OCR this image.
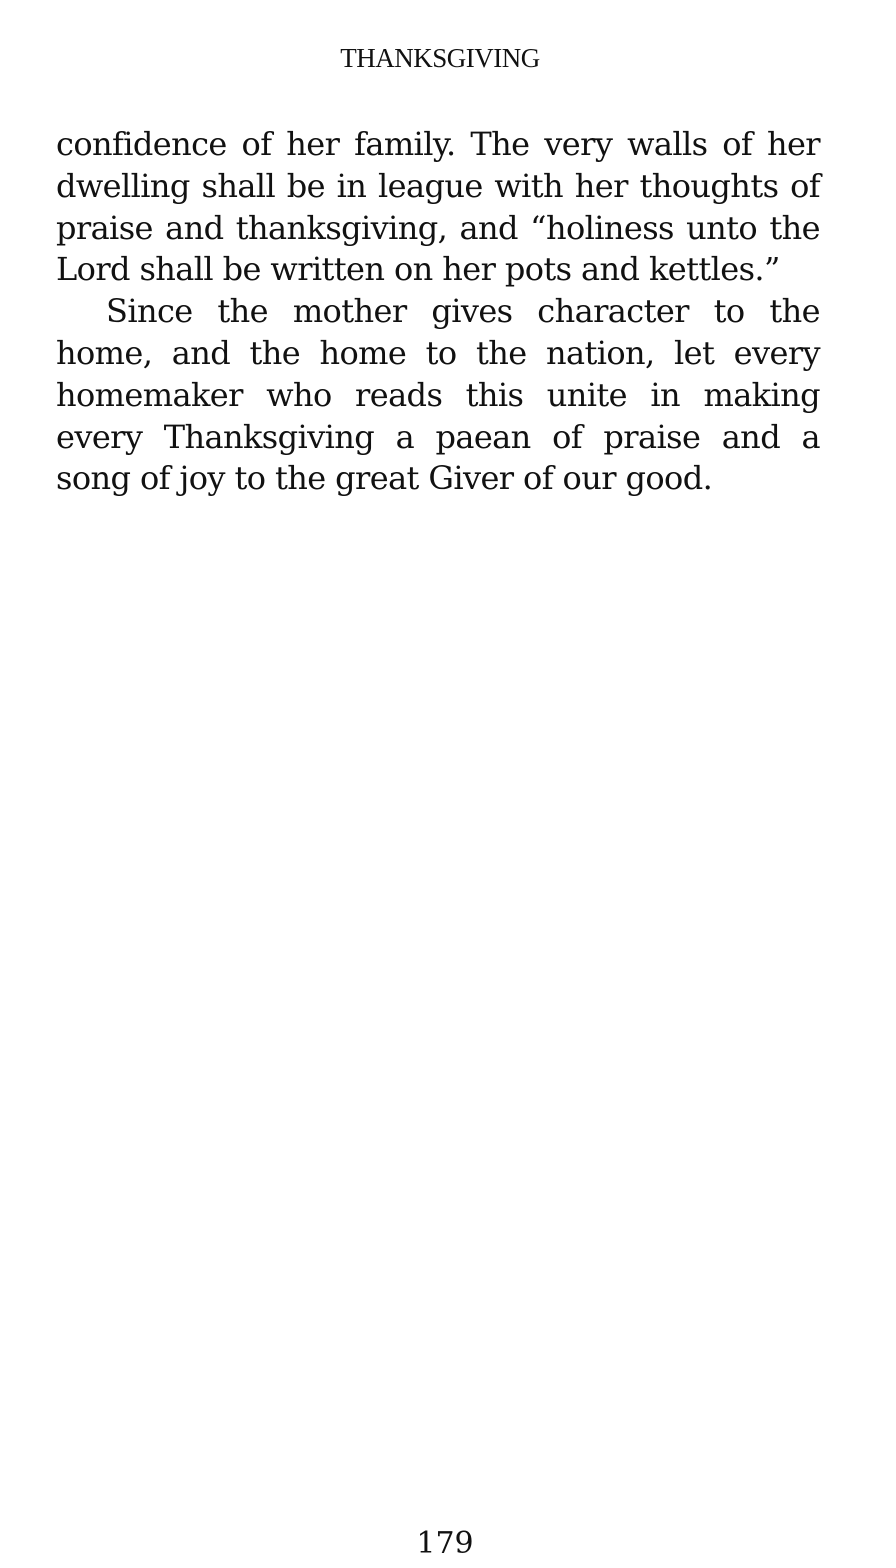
THANKSGIVING

confidence of her family. The very walls of her dwelling shall be in league with her thoughts of praise and thanksgiving, and “holiness unto the Lord shall be written on her pots and kettles.”

Since the mother gives character to the home, and the home to the nation, let every homemaker who reads this unite in making every Thanksgiving a paean of praise and a song of joy to the great Giver of our good.

179
